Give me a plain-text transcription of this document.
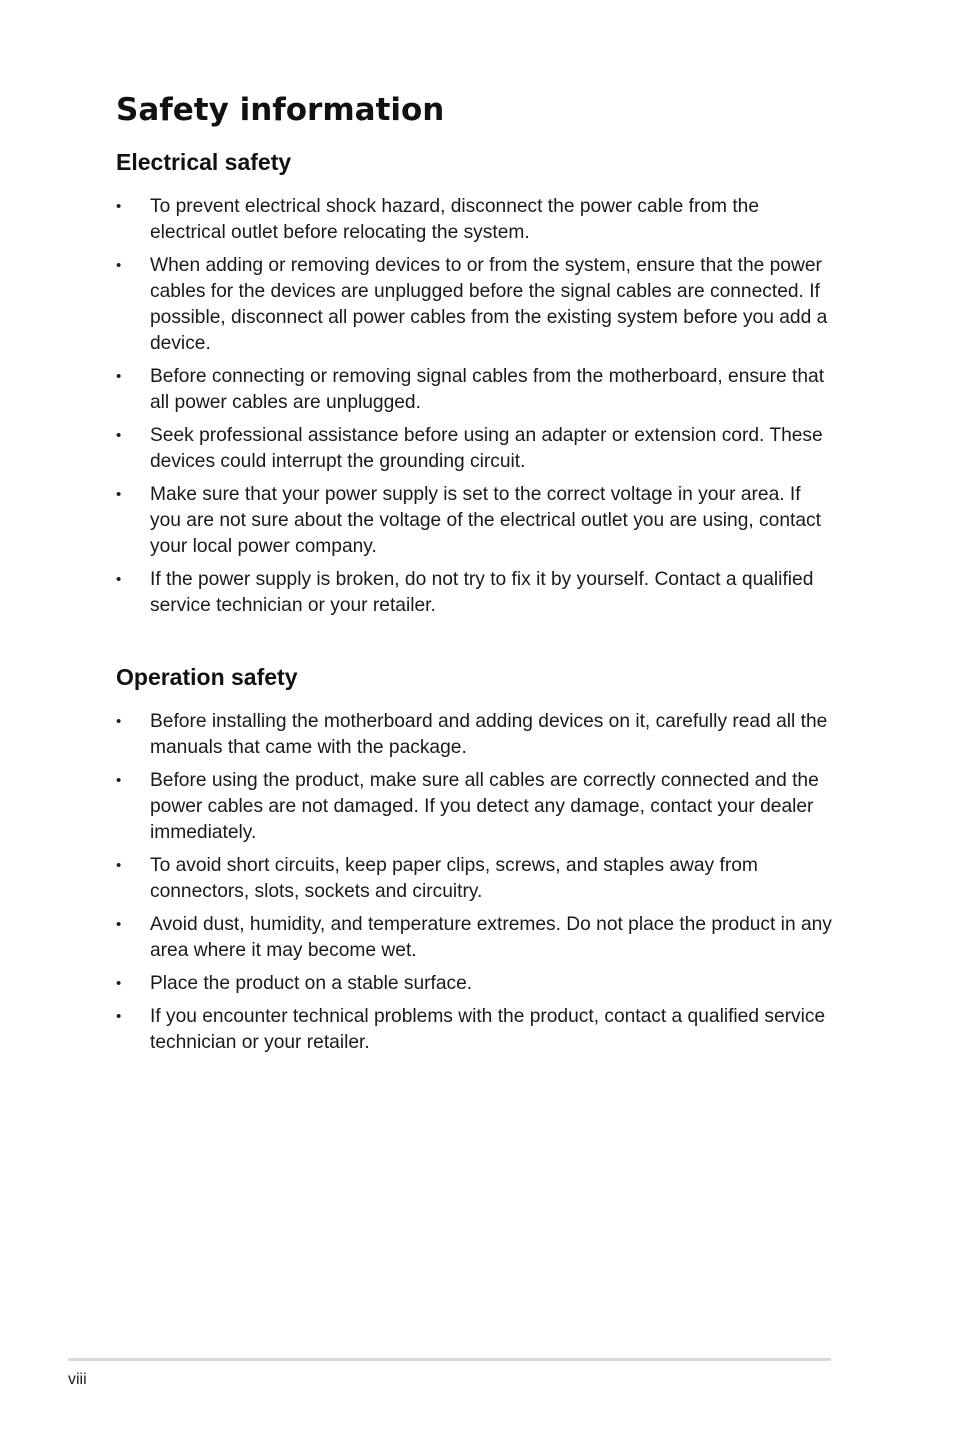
Safety information
Electrical safety
• To prevent electrical shock hazard, disconnect the power cable from the electrical outlet before relocating the system.
• When adding or removing devices to or from the system, ensure that the power cables for the devices are unplugged before the signal cables are connected. If possible, disconnect all power cables from the existing system before you add a device.
• Before connecting or removing signal cables from the motherboard, ensure that all power cables are unplugged.
• Seek professional assistance before using an adapter or extension cord. These devices could interrupt the grounding circuit.
• Make sure that your power supply is set to the correct voltage in your area. If you are not sure about the voltage of the electrical outlet you are using, contact your local power company.
• If the power supply is broken, do not try to fix it by yourself. Contact a qualified service technician or your retailer.
Operation safety
• Before installing the motherboard and adding devices on it, carefully read all the manuals that came with the package.
• Before using the product, make sure all cables are correctly connected and the power cables are not damaged. If you detect any damage, contact your dealer immediately.
• To avoid short circuits, keep paper clips, screws, and staples away from connectors, slots, sockets and circuitry.
• Avoid dust, humidity, and temperature extremes. Do not place the product in any area where it may become wet.
• Place the product on a stable surface.
• If you encounter technical problems with the product, contact a qualified service technician or your retailer.
viii
